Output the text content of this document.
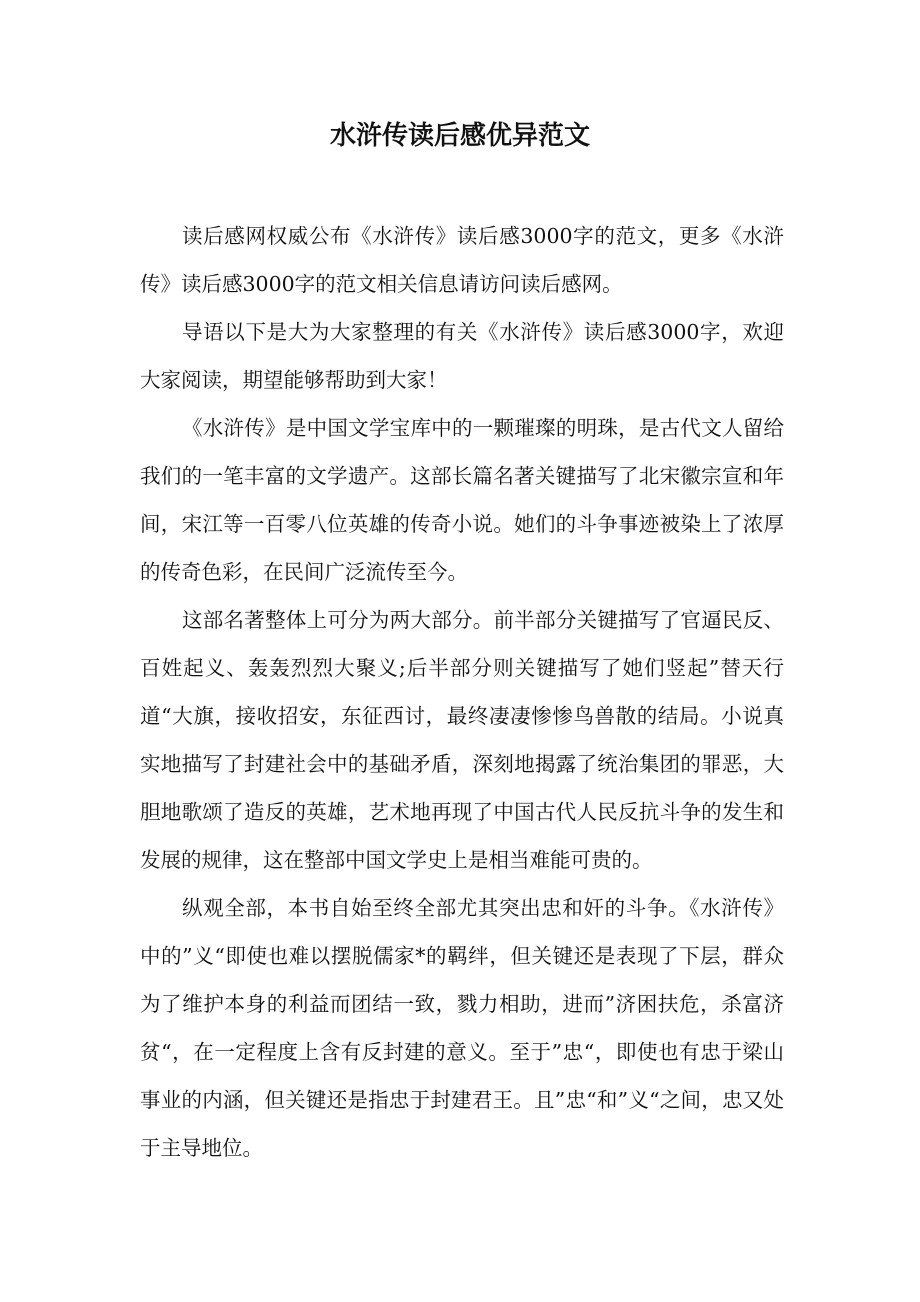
水浒传读后感优异范文

读后感网权威公布《水浒传》读后感3000字的范文，更多《水浒传》读后感3000字的范文相关信息请访问读后感网。

导语以下是大为大家整理的有关《水浒传》读后感3000字，欢迎大家阅读，期望能够帮助到大家！

《水浒传》是中国文学宝库中的一颗璀璨的明珠，是古代文人留给我们的一笔丰富的文学遗产。这部长篇名著关键描写了北宋徽宗宣和年间，宋江等一百零八位英雄的传奇小说。她们的斗争事迹被染上了浓厚的传奇色彩，在民间广泛流传至今。

这部名著整体上可分为两大部分。前半部分关键描写了官逼民反、百姓起义、轰轰烈烈大聚义;后半部分则关键描写了她们竖起”替天行道“大旗，接收招安，东征西讨，最终凄凄惨惨鸟兽散的结局。小说真实地描写了封建社会中的基础矛盾，深刻地揭露了统治集团的罪恶，大胆地歌颂了造反的英雄，艺术地再现了中国古代人民反抗斗争的发生和发展的规律，这在整部中国文学史上是相当难能可贵的。

纵观全部，本书自始至终全部尤其突出忠和奸的斗争。《水浒传》中的”义“即使也难以摆脱儒家*的羁绊，但关键还是表现了下层，群众为了维护本身的利益而团结一致，戮力相助，进而”济困扶危，杀富济贫“，在一定程度上含有反封建的意义。至于”忠“，即使也有忠于梁山事业的内涵，但关键还是指忠于封建君王。且”忠“和”义“之间，忠又处于主导地位。
